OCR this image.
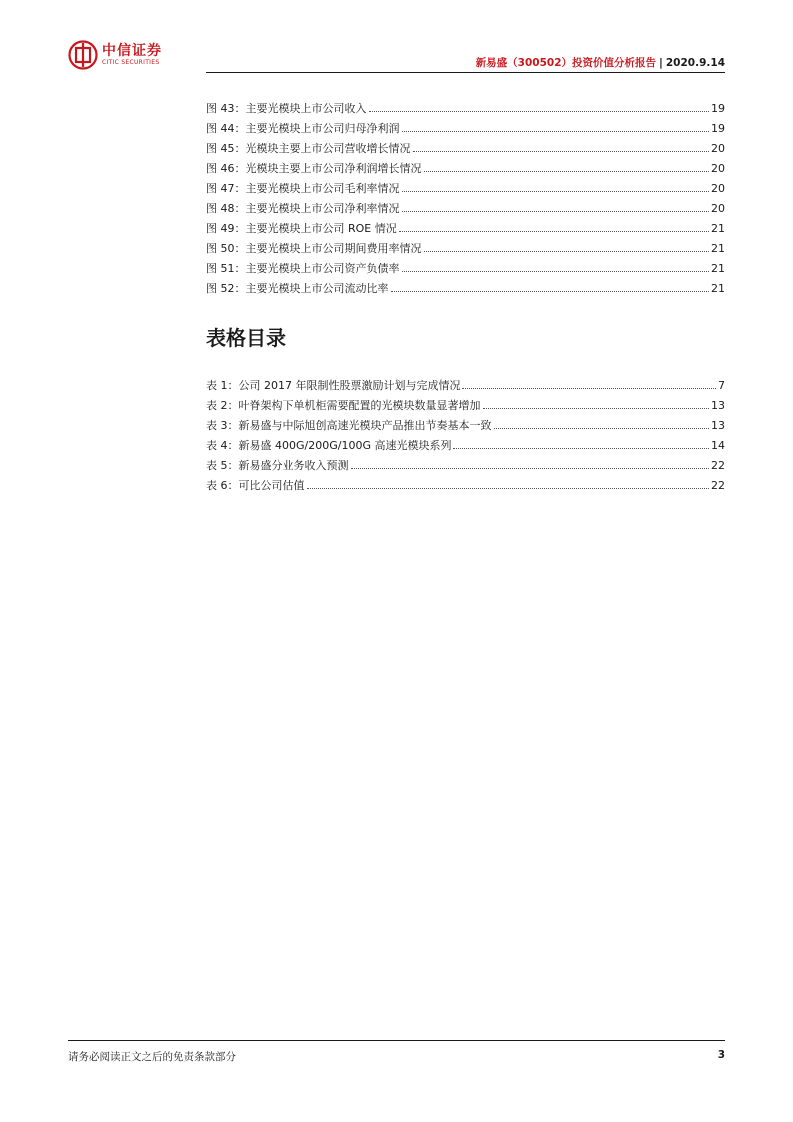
中信证券
CITIC SECURITIES	新易盛（300502）投资价值分析报告 | 2020.9.14
图 43：主要光模块上市公司收入	19
图 44：主要光模块上市公司归母净利润	19
图 45：光模块主要上市公司营收增长情况	20
图 46：光模块主要上市公司净利润增长情况	20
图 47：主要光模块上市公司毛利率情况	20
图 48：主要光模块上市公司净利率情况	20
图 49：主要光模块上市公司 ROE 情况	21
图 50：主要光模块上市公司期间费用率情况	21
图 51：主要光模块上市公司资产负债率	21
图 52：主要光模块上市公司流动比率	21
表格目录
表 1：公司 2017 年限制性股票激励计划与完成情况	7
表 2：叶脊架构下单机柜需要配置的光模块数量显著增加	13
表 3：新易盛与中际旭创高速光模块产品推出节奏基本一致	13
表 4：新易盛 400G/200G/100G 高速光模块系列	14
表 5：新易盛分业务收入预测	22
表 6：可比公司估值	22
请务必阅读正文之后的免责条款部分	3
